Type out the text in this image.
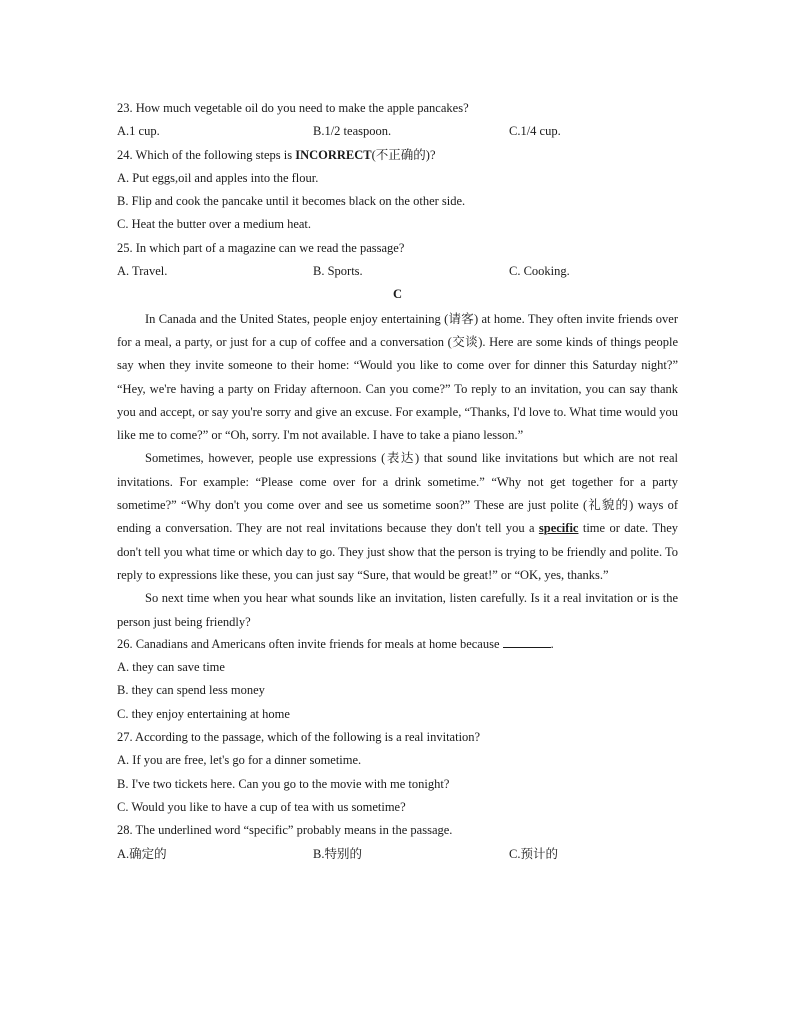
23. How much vegetable oil do you need to make the apple pancakes?
A.1 cup.	B.1/2 teaspoon.	C.1/4 cup.
24. Which of the following steps is INCORRECT(不正确的)?
A. Put eggs,oil and apples into the flour.
B. Flip and cook the pancake until it becomes black on the other side.
C. Heat the butter over a medium heat.
25. In which part of a magazine can we read the passage?
A. Travel.	B. Sports.	C. Cooking.
C

In Canada and the United States, people enjoy entertaining (请客) at home. They often invite friends over for a meal, a party, or just for a cup of coffee and a conversation (交谈). Here are some kinds of things people say when they invite someone to their home: “Would you like to come over for dinner this Saturday night?” “Hey, we're having a party on Friday afternoon. Can you come?” To reply to an invitation, you can say thank you and accept, or say you're sorry and give an excuse. For example, “Thanks, I'd love to. What time would you like me to come?” or “Oh, sorry. I'm not available. I have to take a piano lesson.”

Sometimes, however, people use expressions (表达) that sound like invitations but which are not real invitations. For example: “Please come over for a drink sometime.” “Why not get together for a party sometime?” “Why don't you come over and see us sometime soon?” These are just polite (礼貌的) ways of ending a conversation. They are not real invitations because they don't tell you a specific time or date. They don't tell you what time or which day to go. They just show that the person is trying to be friendly and polite. To reply to expressions like these, you can just say “Sure, that would be great!” or “OK, yes, thanks.”

So next time when you hear what sounds like an invitation, listen carefully. Is it a real invitation or is the person just being friendly?

26. Canadians and Americans often invite friends for meals at home because	.
A. they can save time
B. they can spend less money
C. they enjoy entertaining at home
27. According to the passage, which of the following is a real invitation?
A. If you are free, let's go for a dinner sometime.
B. I've two tickets here. Can you go to the movie with me tonight?
C. Would you like to have a cup of tea with us sometime?
28. The underlined word “specific” probably means in the passage.
A.确定的	B.特别的	C.预计的
